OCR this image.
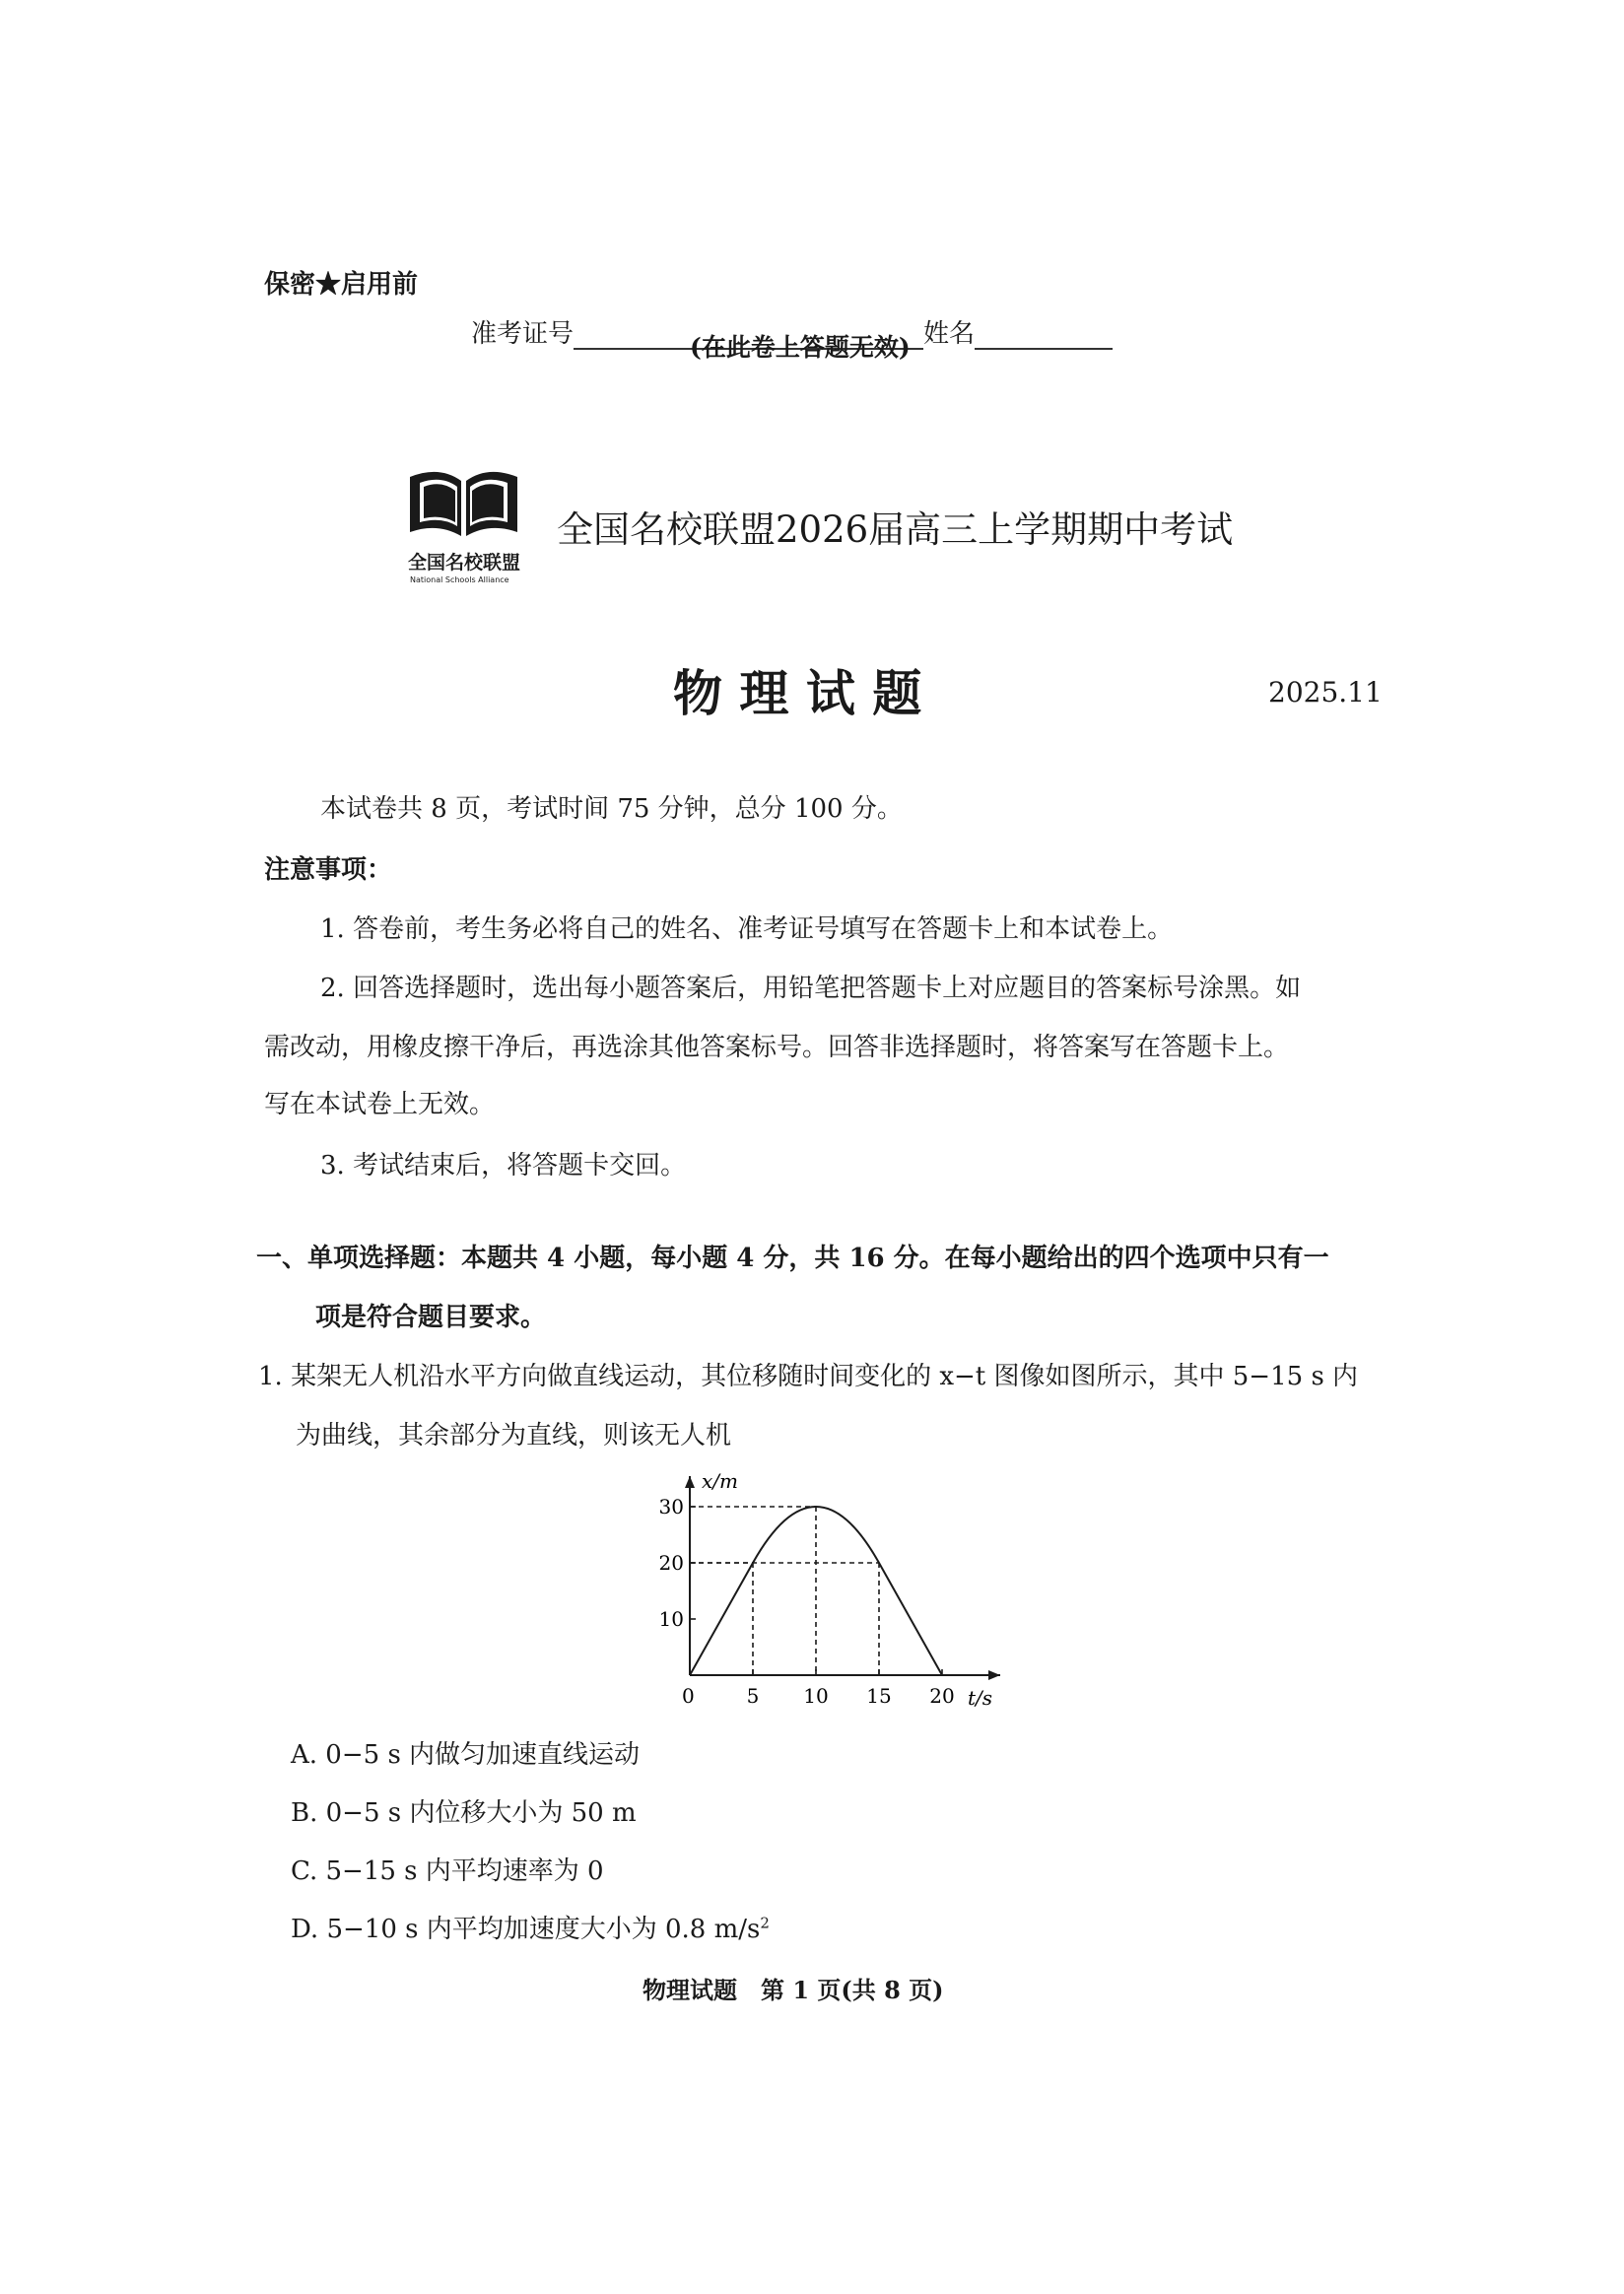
保密★启用前
准考证号	姓名
(在此卷上答题无效)
全国名校联盟
National Schools Alliance
全国名校联盟2026届高三上学期期中考试
物 理 试 题	2025.11
本试卷共 8 页，考试时间 75 分钟，总分 100 分。
注意事项：
1. 答卷前，考生务必将自己的姓名、准考证号填写在答题卡上和本试卷上。
2. 回答选择题时，选出每小题答案后，用铅笔把答题卡上对应题目的答案标号涂黑。如
需改动，用橡皮擦干净后，再选涂其他答案标号。回答非选择题时，将答案写在答题卡上。
写在本试卷上无效。
3. 考试结束后，将答题卡交回。
一、单项选择题：本题共 4 小题，每小题 4 分，共 16 分。在每小题给出的四个选项中只有一
项是符合题目要求。
1. 某架无人机沿水平方向做直线运动，其位移随时间变化的 x−t 图像如图所示，其中 5−15 s 内
为曲线，其余部分为直线，则该无人机
5 10 15 20
10
20
30
x/m
t/s
0
A. 0−5 s 内做匀加速直线运动
B. 0−5 s 内位移大小为 50 m
C. 5−15 s 内平均速率为 0
D. 5−10 s 内平均加速度大小为 0.8 $m/s^2$
物理试题　第 1 页(共 8 页)
